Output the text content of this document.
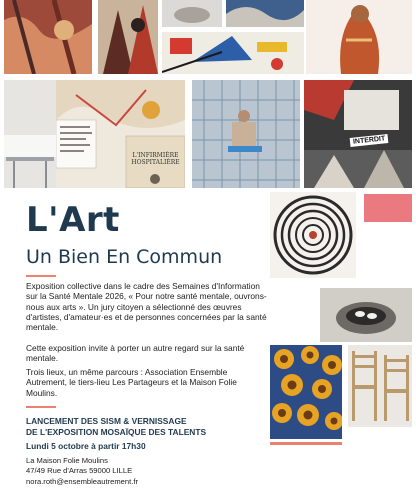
L'INFIRMIÈRE HOSPITALIÈRE
INTERDIT
L'Art
Un Bien En Commun

Exposition collective dans le cadre des Semaines d'Information sur la Santé Mentale 2026, « Pour notre santé mentale, ouvrons-nous aux arts ». Un jury citoyen a sélectionné des œuvres d'artistes, d'amateur·es et de personnes concernées par la santé mentale.

Cette exposition invite à porter un autre regard sur la santé mentale.

Trois lieux, un même parcours : Association Ensemble Autrement, le tiers-lieu Les Partageurs et la Maison Folie Moulins.

LANCEMENT DES SISM & VERNISSAGE

DE L'EXPOSITION MOSAÏQUE DES TALENTS

Lundi 5 octobre à partir 17h30

La Maison Folie Moulins

47/49 Rue d'Arras 59000 LILLE

nora.roth@ensembleautrement.fr
